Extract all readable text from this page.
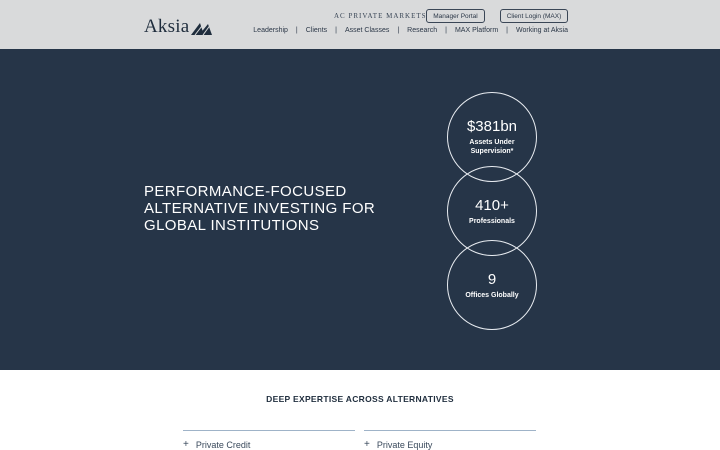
Aksia	AC PRIVATE MARKETS	Manager Portal	Client Login (MAX)
Leadership | Clients | Asset Classes | Research | MAX Platform | Working at Aksia
PERFORMANCE-FOCUSED ALTERNATIVE INVESTING FOR GLOBAL INSTITUTIONS
$381bn
Assets Under Supervision*
410+
Professionals
9
Offices Globally
DEEP EXPERTISE ACROSS ALTERNATIVES
+ Private Credit	+ Private Equity
